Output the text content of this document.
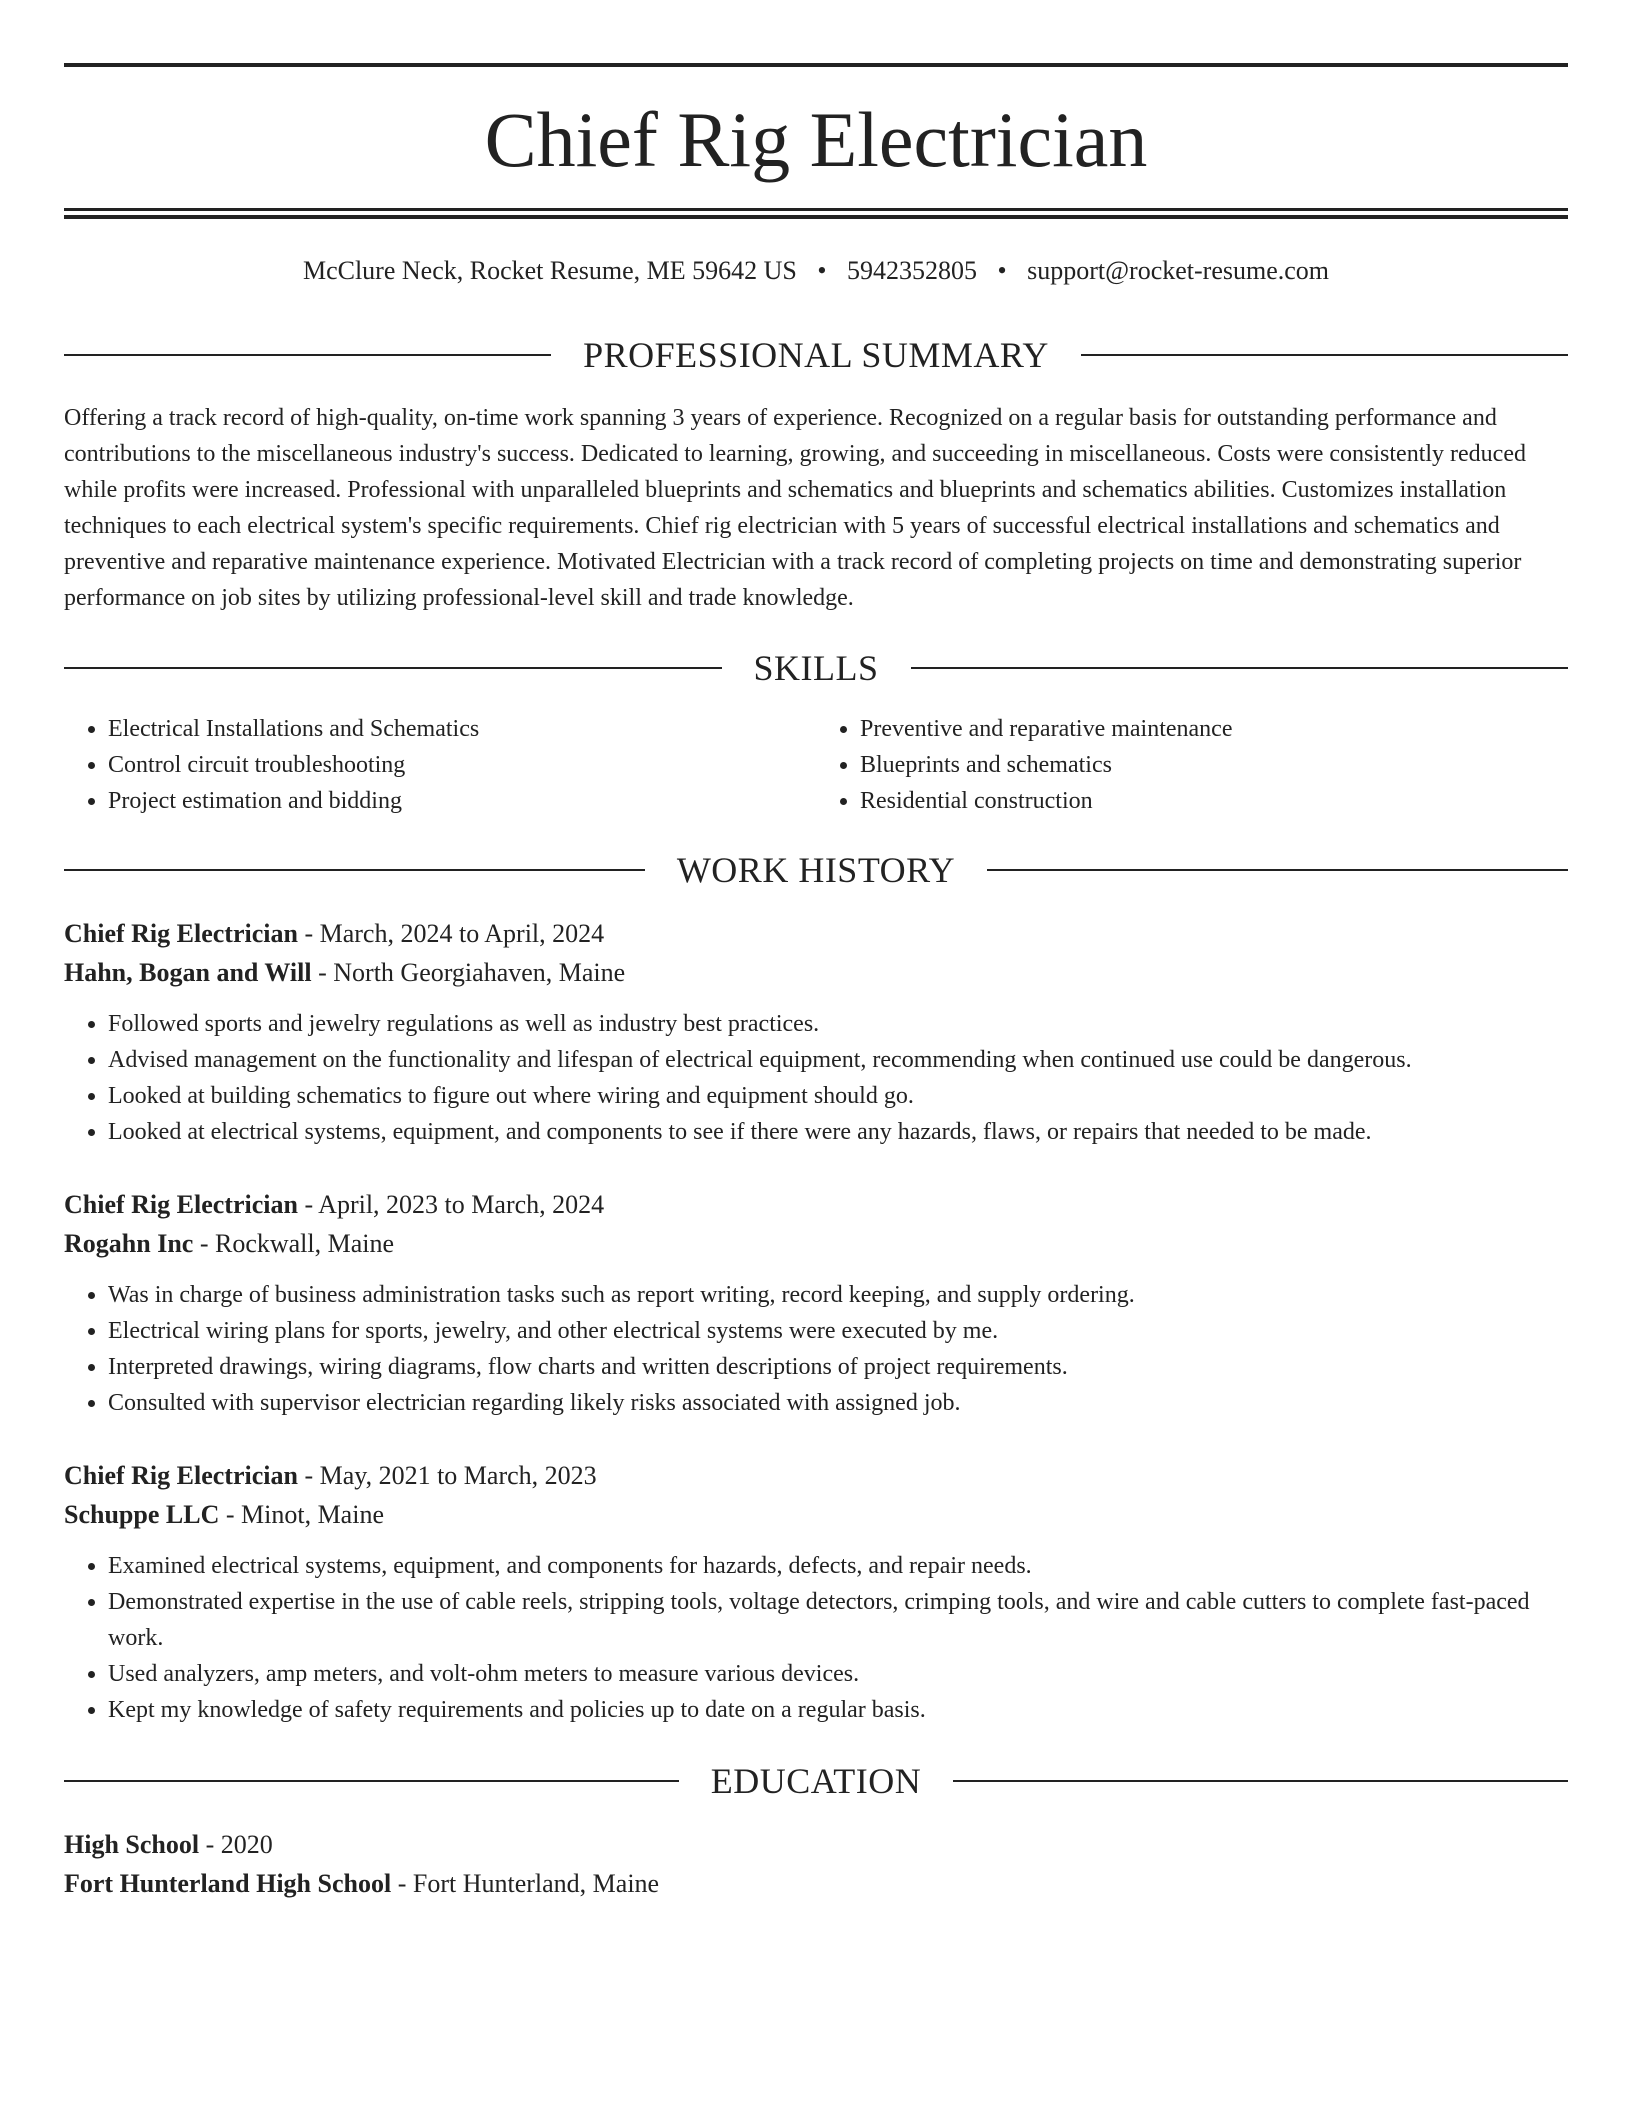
Chief Rig Electrician
McClure Neck, Rocket Resume, ME 59642 US • 5942352805 • support@rocket-resume.com
PROFESSIONAL SUMMARY

Offering a track record of high-quality, on-time work spanning 3 years of experience. Recognized on a regular basis for outstanding performance and contributions to the miscellaneous industry's success. Dedicated to learning, growing, and succeeding in miscellaneous. Costs were consistently reduced while profits were increased. Professional with unparalleled blueprints and schematics and blueprints and schematics abilities. Customizes installation techniques to each electrical system's specific requirements. Chief rig electrician with 5 years of successful electrical installations and schematics and preventive and reparative maintenance experience. Motivated Electrician with a track record of completing projects on time and demonstrating superior performance on job sites by utilizing professional-level skill and trade knowledge.

SKILLS
• Electrical Installations and Schematics
• Control circuit troubleshooting
• Project estimation and bidding
• Preventive and reparative maintenance
• Blueprints and schematics
• Residential construction
WORK HISTORY
Chief Rig Electrician - March, 2024 to April, 2024
Hahn, Bogan and Will - North Georgiahaven, Maine
• Followed sports and jewelry regulations as well as industry best practices.
• Advised management on the functionality and lifespan of electrical equipment, recommending when continued use could be dangerous.
• Looked at building schematics to figure out where wiring and equipment should go.
• Looked at electrical systems, equipment, and components to see if there were any hazards, flaws, or repairs that needed to be made.
Chief Rig Electrician - April, 2023 to March, 2024
Rogahn Inc - Rockwall, Maine
• Was in charge of business administration tasks such as report writing, record keeping, and supply ordering.
• Electrical wiring plans for sports, jewelry, and other electrical systems were executed by me.
• Interpreted drawings, wiring diagrams, flow charts and written descriptions of project requirements.
• Consulted with supervisor electrician regarding likely risks associated with assigned job.
Chief Rig Electrician - May, 2021 to March, 2023
Schuppe LLC - Minot, Maine
• Examined electrical systems, equipment, and components for hazards, defects, and repair needs.
• Demonstrated expertise in the use of cable reels, stripping tools, voltage detectors, crimping tools, and wire and cable cutters to complete fast-paced work.
• Used analyzers, amp meters, and volt-ohm meters to measure various devices.
• Kept my knowledge of safety requirements and policies up to date on a regular basis.
EDUCATION
High School - 2020
Fort Hunterland High School - Fort Hunterland, Maine
